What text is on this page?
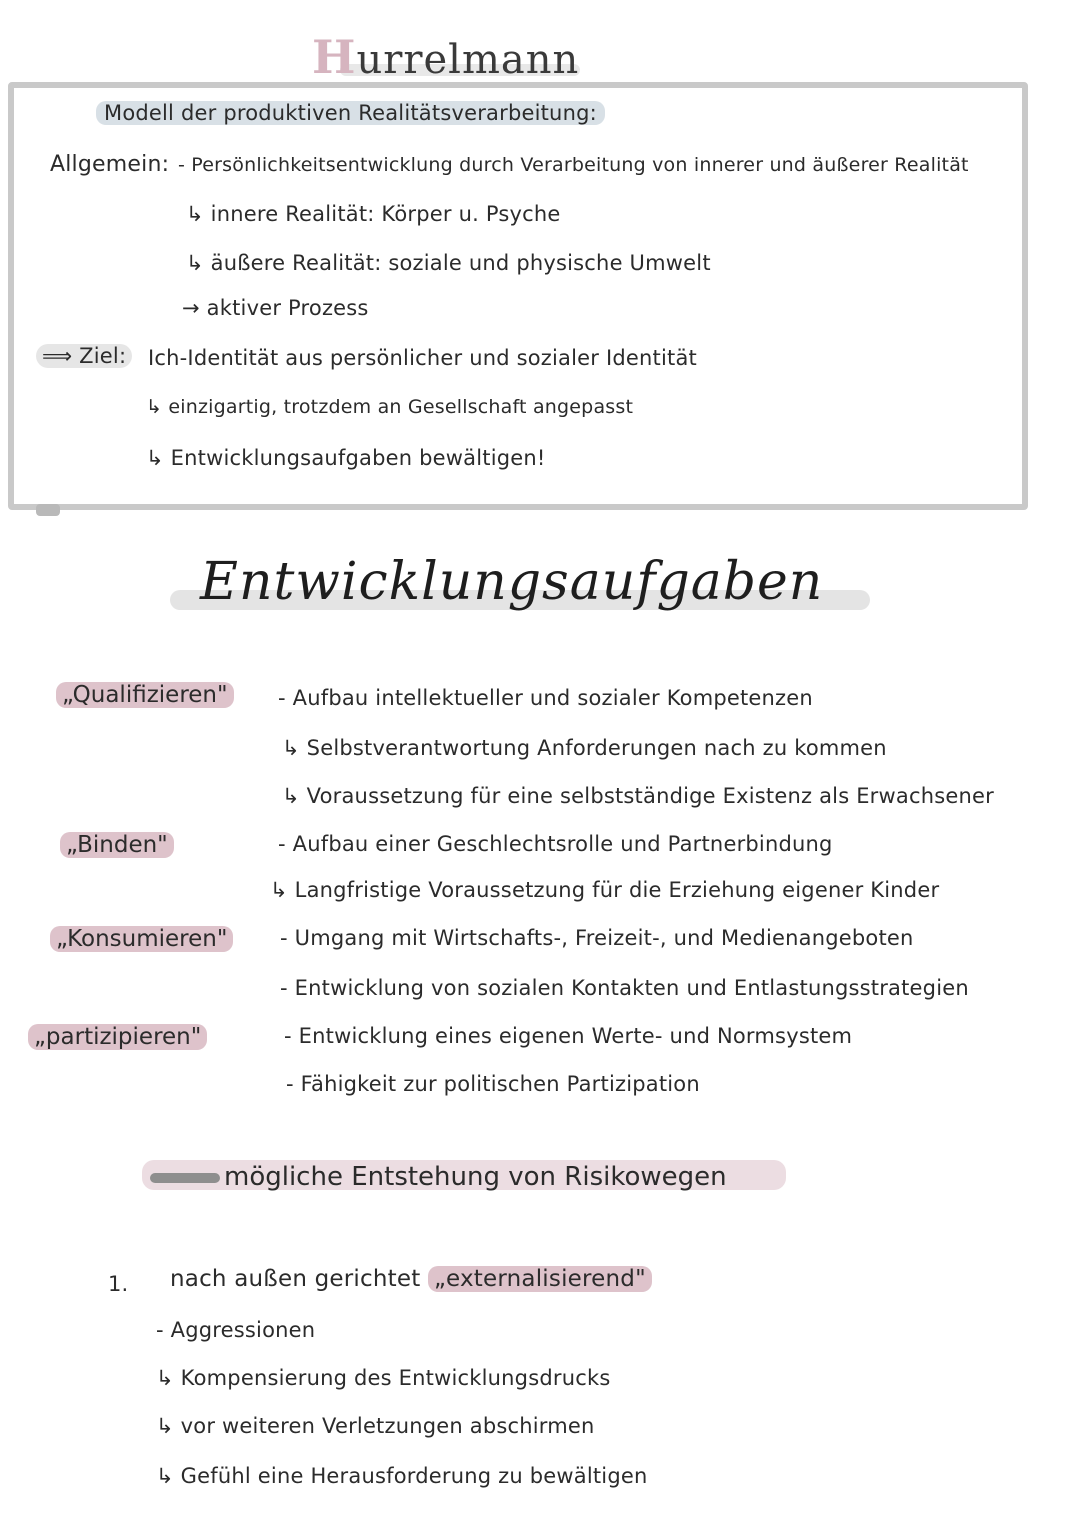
Hurrelmann
Modell der produktiven Realitätsverarbeitung:
Allgemein: - Persönlichkeitsentwicklung durch Verarbeitung von innerer und äußerer Realität
↳ innere Realität: Körper u. Psyche
↳ äußere Realität: soziale und physische Umwelt
→ aktiver Prozess
⟹ Ziel: Ich-Identität aus persönlicher und sozialer Identität
↳ einzigartig, trotzdem an Gesellschaft angepasst
↳ Entwicklungsaufgaben bewältigen!
Entwicklungsaufgaben
„Qualifizieren" - Aufbau intellektueller und sozialer Kompetenzen
↳ Selbstverantwortung Anforderungen nach zu kommen
↳ Voraussetzung für eine selbstständige Existenz als Erwachsener
„Binden"	- Aufbau einer Geschlechtsrolle und Partnerbindung
↳ Langfristige Voraussetzung für die Erziehung eigener Kinder
„Konsumieren"	- Umgang mit Wirtschafts-, Freizeit-, und Medienangeboten
- Entwicklung von sozialen Kontakten und Entlastungsstrategien
„partizipieren"	- Entwicklung eines eigenen Werte- und Normsystem
- Fähigkeit zur politischen Partizipation
mögliche Entstehung von Risikowegen
1. nach außen gerichtet „externalisierend"
- Aggressionen
↳ Kompensierung des Entwicklungsdrucks
↳ vor weiteren Verletzungen abschirmen
↳ Gefühl eine Herausforderung zu bewältigen
